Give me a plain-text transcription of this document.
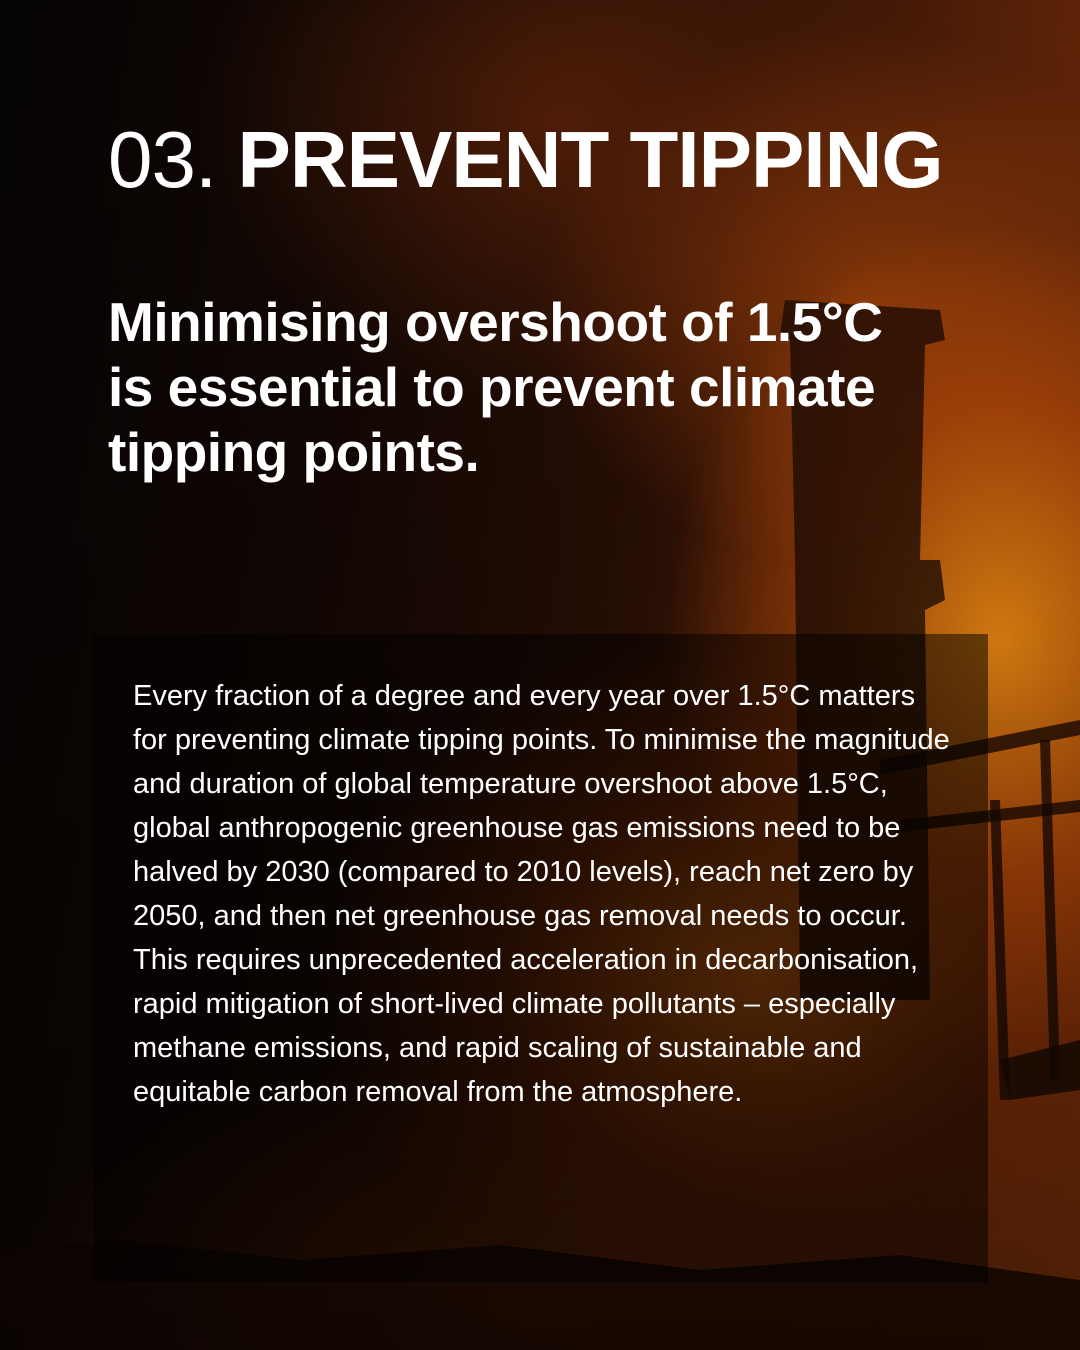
03. PREVENT TIPPING
Minimising overshoot of 1.5°C is essential to prevent climate tipping points.

Every fraction of a degree and every year over 1.5°C matters for preventing climate tipping points. To minimise the magnitude and duration of global temperature overshoot above 1.5°C, global anthropogenic greenhouse gas emissions need to be halved by 2030 (compared to 2010 levels), reach net zero by 2050, and then net greenhouse gas removal needs to occur. This requires unprecedented acceleration in decarbonisation, rapid mitigation of short-lived climate pollutants – especially methane emissions, and rapid scaling of sustainable and equitable carbon removal from the atmosphere.
